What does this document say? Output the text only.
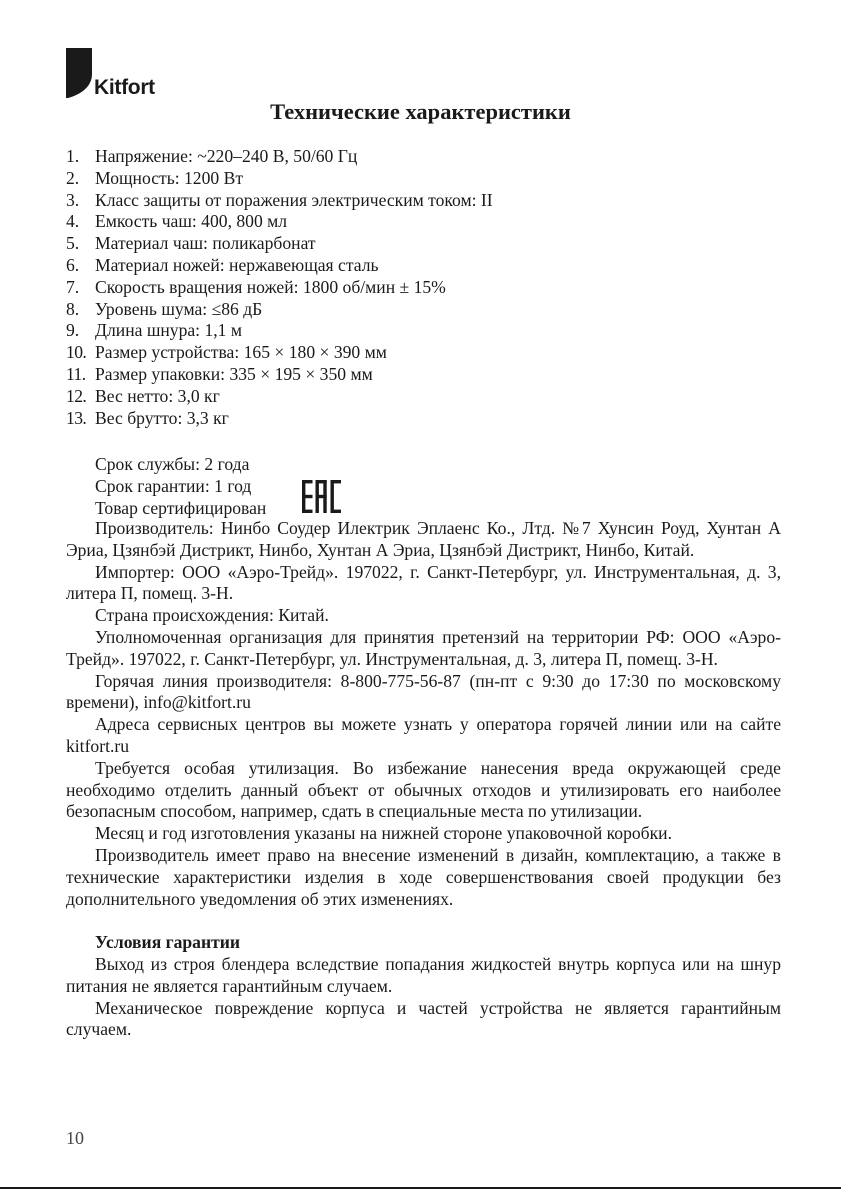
Kitfort
Технические характеристики
1. Напряжение: ~220–240 В, 50/60 Гц
2. Мощность: 1200 Вт
3. Класс защиты от поражения электрическим током: II
4. Емкость чаш: 400, 800 мл
5. Материал чаш: поликарбонат
6. Материал ножей: нержавеющая сталь
7. Скорость вращения ножей: 1800 об/мин ± 15%
8. Уровень шума: ≤86 дБ
9. Длина шнура: 1,1 м
10. Размер устройства: 165 × 180 × 390 мм
11. Размер упаковки: 335 × 195 × 350 мм
12. Вес нетто: 3,0 кг
13. Вес брутто: 3,3 кг
Срок службы: 2 года
Срок гарантии: 1 год
Товар сертифицирован

Производитель: Нинбо Соудер Илектрик Эплаенс Ко., Лтд. №7 Хунсин Роуд, Хунтан А Эриа, Цзянбэй Дистрикт, Нинбо, Хунтан А Эриа, Цзянбэй Дистрикт, Нинбо, Китай.

Импортер: ООО «Аэро-Трейд». 197022, г. Санкт-Петербург, ул. Инструментальная, д. 3, литера П, помещ. 3-Н.

Страна происхождения: Китай.

Уполномоченная организация для принятия претензий на территории РФ: ООО «Аэро-Трейд». 197022, г. Санкт-Петербург, ул. Инструментальная, д. 3, литера П, помещ. 3-Н.

Горячая линия производителя: 8-800-775-56-87 (пн-пт с 9:30 до 17:30 по московскому времени), info@kitfort.ru

Адреса сервисных центров вы можете узнать у оператора горячей линии или на сайте kitfort.ru

Требуется особая утилизация. Во избежание нанесения вреда окружающей среде необходимо отделить данный объект от обычных отходов и утилизировать его наиболее безопасным способом, например, сдать в специальные места по утилизации.

Месяц и год изготовления указаны на нижней стороне упаковочной коробки.

Производитель имеет право на внесение изменений в дизайн, комплектацию, а также в технические характеристики изделия в ходе совершенствования своей продукции без дополнительного уведомления об этих изменениях.

Условия гарантии

Выход из строя блендера вследствие попадания жидкостей внутрь корпуса или на шнур питания не является гарантийным случаем.

Механическое повреждение корпуса и частей устройства не является гарантийным случаем.

10
